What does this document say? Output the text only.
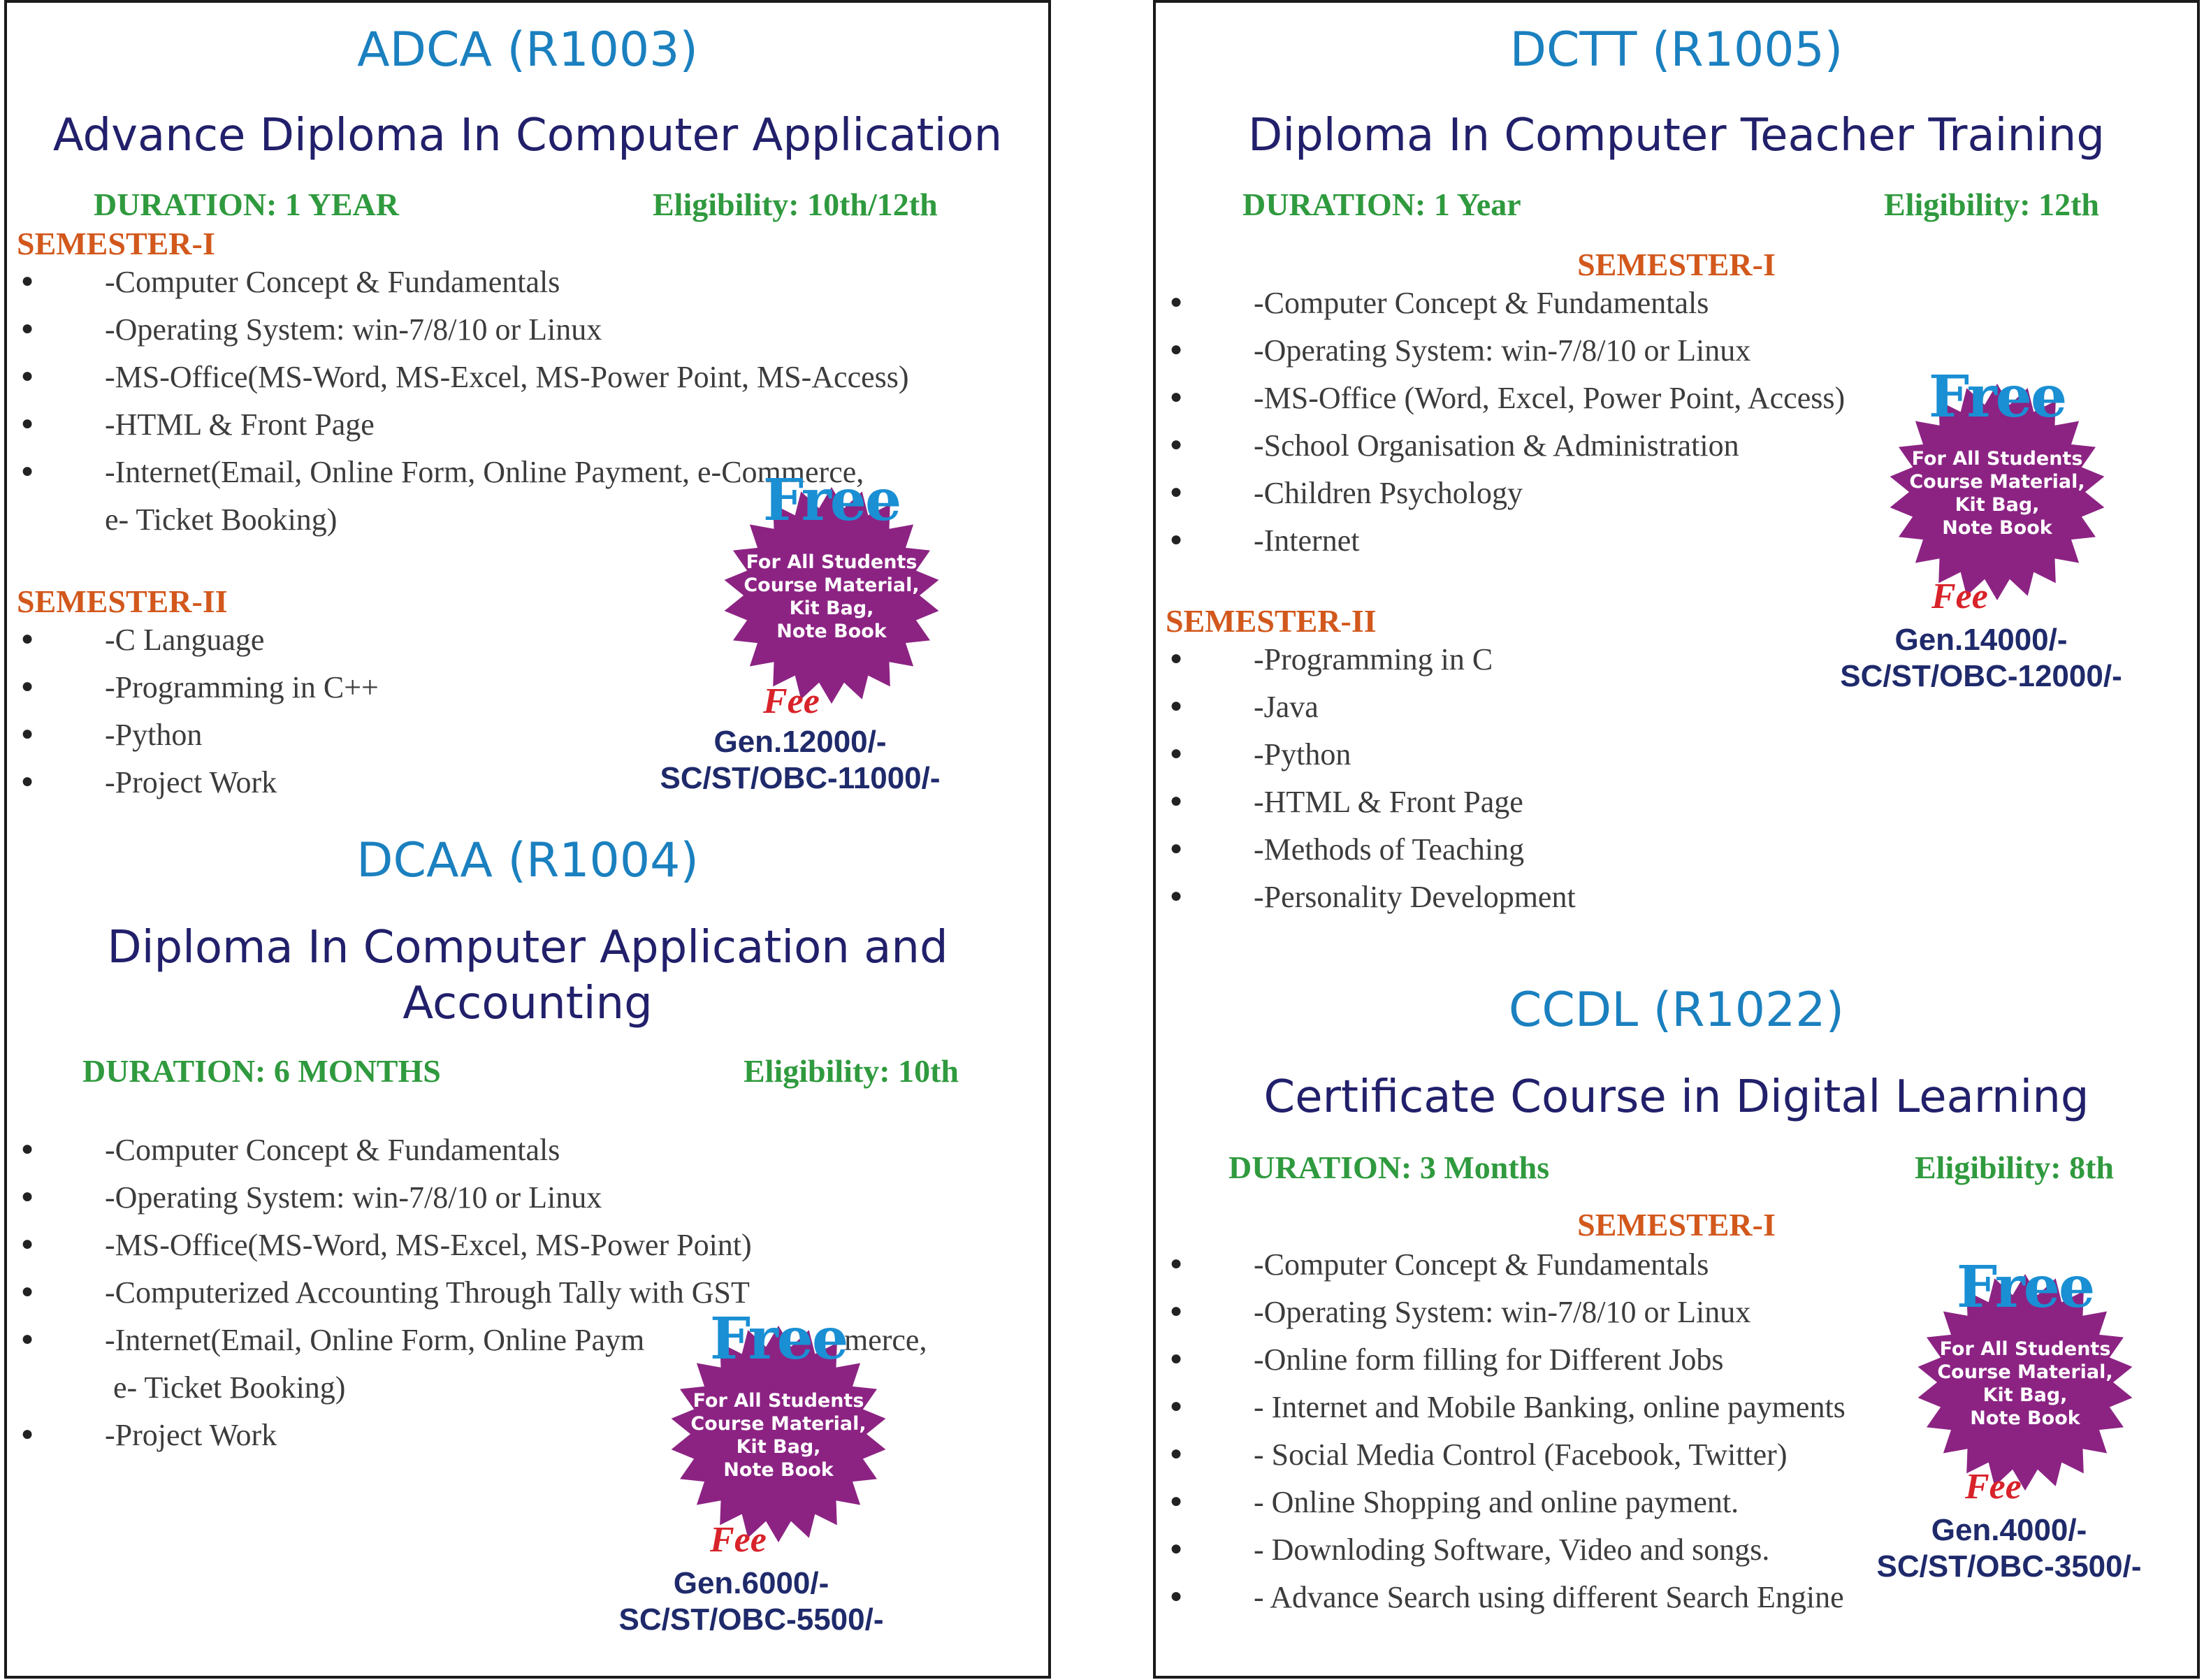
ADCA (R1003)
Advance Diploma In Computer Application
DURATION: 1 YEAR	Eligibility: 10th/12th
SEMESTER-I
● -Computer Concept & Fundamentals
● -Operating System: win-7/8/10 or Linux
● -MS-Office(MS-Word, MS-Excel, MS-Power Point, MS-Access)
● -HTML & Front Page
● -Internet(Email, Online Form, Online Payment, e-Commerce,
e- Ticket Booking)
SEMESTER-II
● -C Language
● -Programming in C++
● -Python
● -Project Work
Free
For All Students
Course Material,
Kit Bag,
Note Book
Fee
Gen.12000/-
SC/ST/OBC-11000/-
DCAA (R1004)
Diploma In Computer Application and
Accounting
DURATION: 6 MONTHS	Eligibility: 10th
● -Computer Concept & Fundamentals
● -Operating System: win-7/8/10 or Linux
● -MS-Office(MS-Word, MS-Excel, MS-Power Point)
● -Computerized Accounting Through Tally with GST
● -Internet(Email, Online Form, Online Paym	merce,
e- Ticket Booking)
● -Project Work
Free
For All Students
Course Material,
Kit Bag,
Note Book
Fee
Gen.6000/-
SC/ST/OBC-5500/-
DCTT (R1005)
Diploma In Computer Teacher Training
DURATION: 1 Year	Eligibility: 12th
SEMESTER-I
● -Computer Concept & Fundamentals
● -Operating System: win-7/8/10 or Linux
● -MS-Office (Word, Excel, Power Point, Access)
● -School Organisation & Administration
● -Children Psychology
● -Internet
SEMESTER-II
● -Programming in C
● -Java
● -Python
● -HTML & Front Page
● -Methods of Teaching
● -Personality Development
Free
For All Students
Course Material,
Kit Bag,
Note Book
Fee
Gen.14000/-
SC/ST/OBC-12000/-
CCDL (R1022)
Certificate Course in Digital Learning
DURATION: 3 Months	Eligibility: 8th
SEMESTER-I
● -Computer Concept & Fundamentals
● -Operating System: win-7/8/10 or Linux
● -Online form filling for Different Jobs
● - Internet and Mobile Banking, online payments
● - Social Media Control (Facebook, Twitter)
● - Online Shopping and online payment.
● - Downloding Software, Video and songs.
● - Advance Search using different Search Engine
Free
For All Students
Course Material,
Kit Bag,
Note Book
Fee
Gen.4000/-
SC/ST/OBC-3500/-
